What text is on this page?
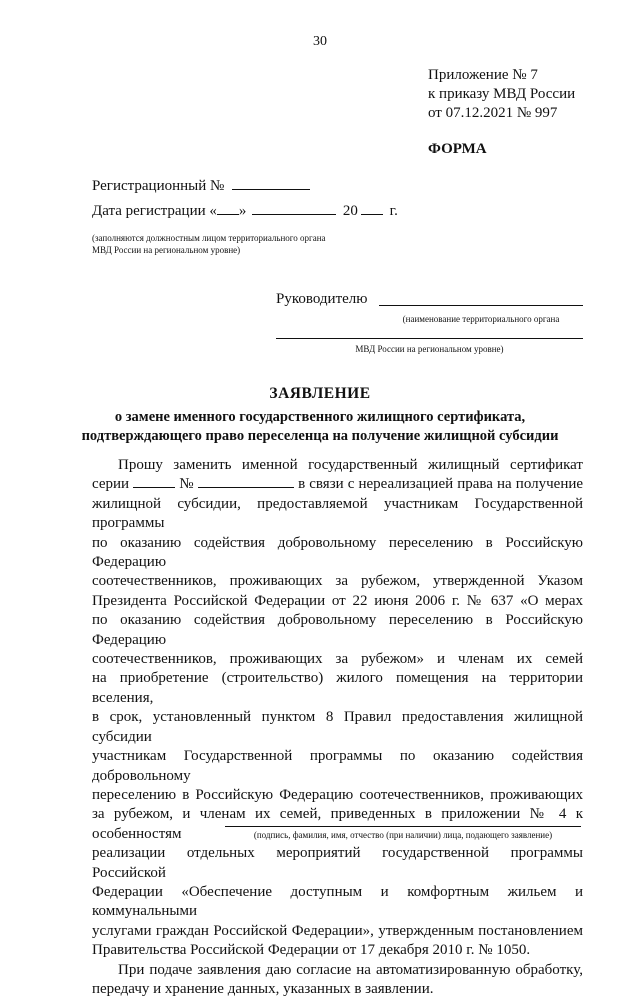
30
Приложение № 7
к приказу МВД России
от 07.12.2021 № 997
ФОРМА
Регистрационный №
Дата регистрации « »	20 г.
(заполняются должностным лицом территориального органа
МВД России на региональном уровне)
Руководителю
(наименование территориального органа
МВД России на региональном уровне)
ЗАЯВЛЕНИЕ
о замене именного государственного жилищного сертификата,
подтверждающего право переселенца на получение жилищной субсидии

Прошу заменить именной государственный жилищный сертификат

серии	№	в связи с нереализацией права на получение

жилищной субсидии, предоставляемой участникам Государственной программы

по оказанию содействия добровольному переселению в Российскую Федерацию

соотечественников, проживающих за рубежом, утвержденной Указом

Президента Российской Федерации от 22 июня 2006 г. № 637 «О мерах

по оказанию содействия добровольному переселению в Российскую Федерацию

соотечественников, проживающих за рубежом» и членам их семей

на приобретение (строительство) жилого помещения на территории вселения,

в срок, установленный пунктом 8 Правил предоставления жилищной субсидии

участникам Государственной программы по оказанию содействия добровольному

переселению в Российскую Федерацию соотечественников, проживающих

за рубежом, и членам их семей, приведенных в приложении № 4 к особенностям

реализации отдельных мероприятий государственной программы Российской

Федерации «Обеспечение доступным и комфортным жильем и коммунальными

услугами граждан Российской Федерации», утвержденным постановлением

Правительства Российской Федерации от 17 декабря 2010 г. № 1050.

При подаче заявления даю согласие на автоматизированную обработку,

передачу и хранение данных, указанных в заявлении.

(подпись, фамилия, имя, отчество (при наличии) лица, подающего заявление)
